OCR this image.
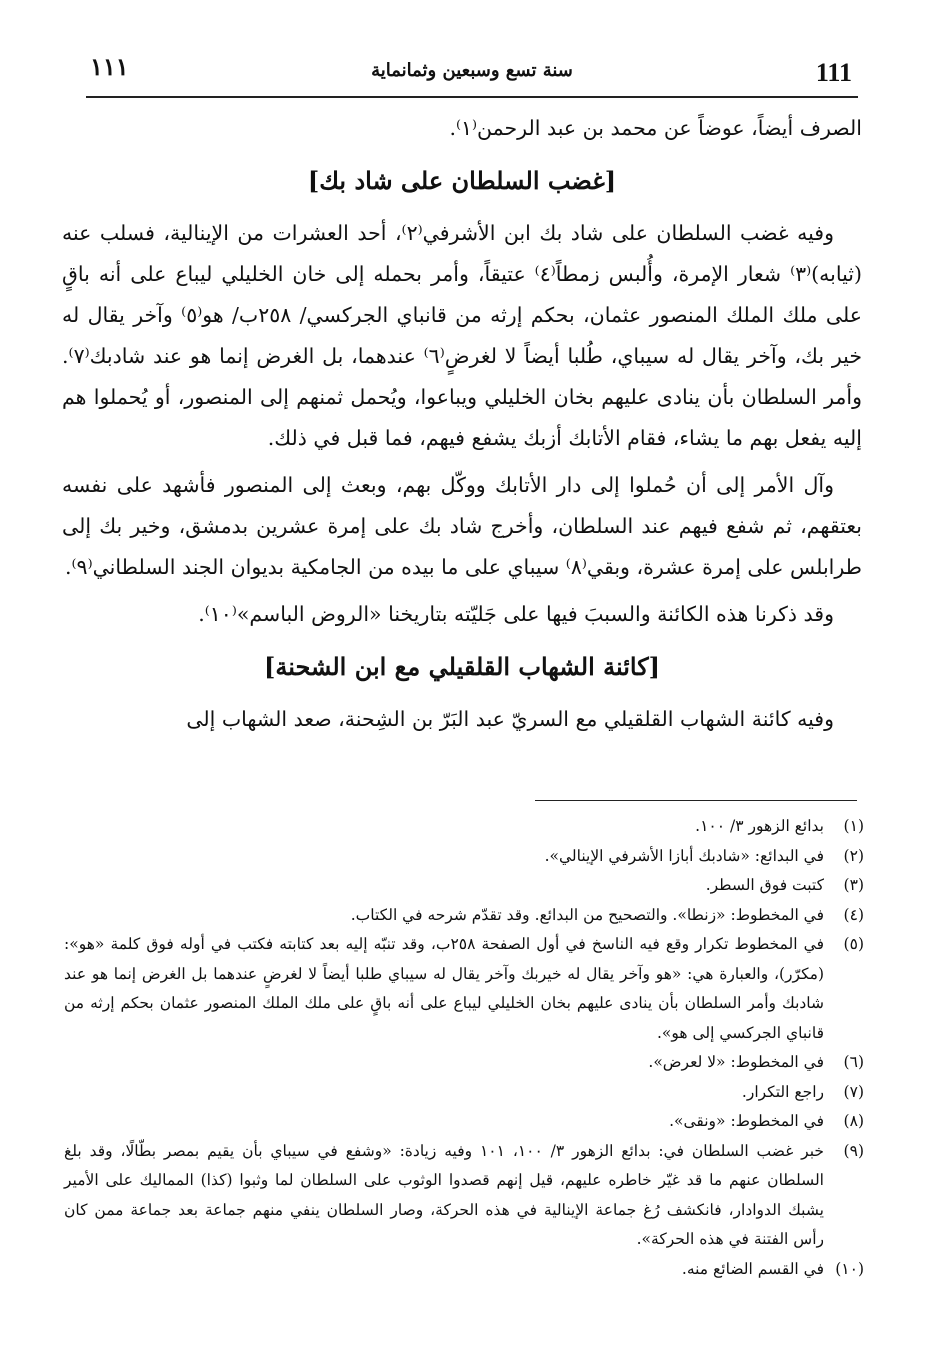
111
سنة تسع وسبعين وثمانماية
١١١

الصرف أيضاً، عوضاً عن محمد بن عبد الرحمن⁽١⁾.

[غضب السلطان على شاد بك]

وفيه غضب السلطان على شاد بك ابن الأشرفي⁽٢⁾، أحد العشرات من الإينالية، فسلب عنه (ثيابه)⁽٣⁾ شعار الإمرة، وأُلبس زمطاً⁽٤⁾ عتيقاً، وأمر بحمله إلى خان الخليلي ليباع على أنه باقٍ على ملك الملك المنصور عثمان، بحكم إرثه من قانباي الجركسي/ ٢٥٨ب/ هو⁽٥⁾ وآخر يقال له خير بك، وآخر يقال له سيباي، طُلبا أيضاً لا لغرضٍ⁽٦⁾ عندهما، بل الغرض إنما هو عند شادبك⁽٧⁾. وأمر السلطان بأن ينادى عليهم بخان الخليلي ويباعوا، ويُحمل ثمنهم إلى المنصور، أو يُحملوا هم إليه يفعل بهم ما يشاء، فقام الأتابك أزبك يشفع فيهم، فما قبل في ذلك.

وآل الأمر إلى أن حُملوا إلى دار الأتابك ووكّل بهم، وبعث إلى المنصور فأشهد على نفسه بعتقهم، ثم شفع فيهم عند السلطان، وأخرج شاد بك على إمرة عشرين بدمشق، وخير بك إلى طرابلس على إمرة عشرة، وبقي⁽٨⁾ سيباي على ما بيده من الجامكية بديوان الجند السلطاني⁽٩⁾.

وقد ذكرنا هذه الكائنة والسببَ فيها على جَليّته بتاريخنا «الروض الباسم»⁽١٠⁾.

[كائنة الشهاب القلقيلي مع ابن الشحنة]

وفيه كائنة الشهاب القلقيلي مع السريّ عبد البَرّ بن الشِحنة، صعد الشهاب إلى

(١)
بدائع الزهور ٣/ ١٠٠.
(٢)
في البدائع: «شادبك أبازا الأشرفي الإينالي».
(٣)
كتبت فوق السطر.
(٤)
في المخطوط: «زنطا». والتصحيح من البدائع. وقد تقدّم شرحه في الكتاب.
(٥)
في المخطوط تكرار وقع فيه الناسخ في أول الصفحة ٢٥٨ب، وقد تنبّه إليه بعد كتابته فكتب في أوله فوق كلمة «هو»: (مكرّر)، والعبارة هي: «هو وآخر يقال له خيربك وآخر يقال له سيباي طلبا أيضاً لا لغرضٍ عندهما بل الغرض إنما هو عند شادبك وأمر السلطان بأن ينادى عليهم بخان الخليلي ليباع على أنه باقٍ على ملك الملك المنصور عثمان بحكم إرثه من قانباي الجركسي إلى هو».
(٦)
في المخطوط: «لا لعرض».
(٧)
راجع التكرار.
(٨)
في المخطوط: «ونقى».
(٩)
خبر غضب السلطان في: بدائع الزهور ٣/ ١٠٠، ١٠١ وفيه زيادة: «وشفع في سيباي بأن يقيم بمصر بطّالًا، وقد بلغ السلطان عنهم ما قد غيّر خاطره عليهم، قيل إنهم قصدوا الوثوب على السلطان لما وثبوا (كذا) المماليك على الأمير يشبك الدوادار، فانكشف رُغ جماعة الإينالية في هذه الحركة، وصار السلطان ينفي منهم جماعة بعد جماعة ممن كان رأس الفتنة في هذه الحركة».
(١٠)
في القسم الضائع منه.
